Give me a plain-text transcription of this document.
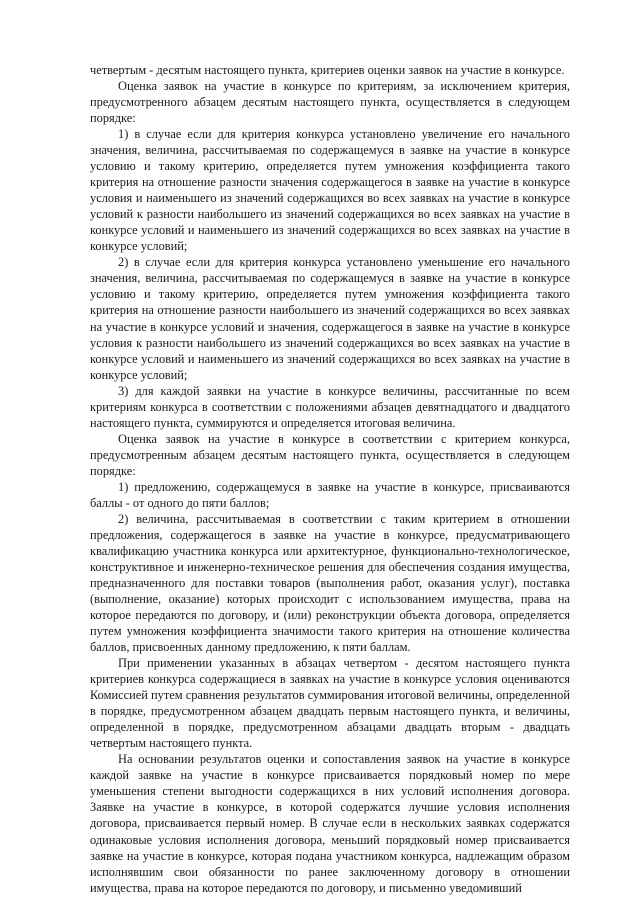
четвертым - десятым настоящего пункта, критериев оценки заявок на участие в конкурсе.

Оценка заявок на участие в конкурсе по критериям, за исключением критерия, предусмотренного абзацем десятым настоящего пункта, осуществляется в следующем порядке:

1) в случае если для критерия конкурса установлено увеличение его начального значения, величина, рассчитываемая по содержащемуся в заявке на участие в конкурсе условию и такому критерию, определяется путем умножения коэффициента такого критерия на отношение разности значения содержащегося в заявке на участие в конкурсе условия и наименьшего из значений содержащихся во всех заявках на участие в конкурсе условий к разности наибольшего из значений содержащихся во всех заявках на участие в конкурсе условий и наименьшего из значений содержащихся во всех заявках на участие в конкурсе условий;

2) в случае если для критерия конкурса установлено уменьшение его начального значения, величина, рассчитываемая по содержащемуся в заявке на участие в конкурсе условию и такому критерию, определяется путем умножения коэффициента такого критерия на отношение разности наибольшего из значений содержащихся во всех заявках на участие в конкурсе условий и значения, содержащегося в заявке на участие в конкурсе условия к разности наибольшего из значений содержащихся во всех заявках на участие в конкурсе условий и наименьшего из значений содержащихся во всех заявках на участие в конкурсе условий;

3) для каждой заявки на участие в конкурсе величины, рассчитанные по всем критериям конкурса в соответствии с положениями абзацев девятнадцатого и двадцатого настоящего пункта, суммируются и определяется итоговая величина.

Оценка заявок на участие в конкурсе в соответствии с критерием конкурса, предусмотренным абзацем десятым настоящего пункта, осуществляется в следующем порядке:

1) предложению, содержащемуся в заявке на участие в конкурсе, присваиваются баллы - от одного до пяти баллов;

2) величина, рассчитываемая в соответствии с таким критерием в отношении предложения, содержащегося в заявке на участие в конкурсе, предусматривающего квалификацию участника конкурса или архитектурное, функционально-технологическое, конструктивное и инженерно-техническое решения для обеспечения создания имущества, предназначенного для поставки товаров (выполнения работ, оказания услуг), поставка (выполнение, оказание) которых происходит с использованием имущества, права на которое передаются по договору, и (или) реконструкции объекта договора, определяется путем умножения коэффициента значимости такого критерия на отношение количества баллов, присвоенных данному предложению, к пяти баллам.

При применении указанных в абзацах четвертом - десятом настоящего пункта критериев конкурса содержащиеся в заявках на участие в конкурсе условия оцениваются Комиссией путем сравнения результатов суммирования итоговой величины, определенной в порядке, предусмотренном абзацем двадцать первым настоящего пункта, и величины, определенной в порядке, предусмотренном абзацами двадцать вторым - двадцать четвертым настоящего пункта.

На основании результатов оценки и сопоставления заявок на участие в конкурсе каждой заявке на участие в конкурсе присваивается порядковый номер по мере уменьшения степени выгодности содержащихся в них условий исполнения договора. Заявке на участие в конкурсе, в которой содержатся лучшие условия исполнения договора, присваивается первый номер. В случае если в нескольких заявках содержатся одинаковые условия исполнения договора, меньший порядковый номер присваивается заявке на участие в конкурсе, которая подана участником конкурса, надлежащим образом исполнявшим свои обязанности по ранее заключенному договору в отношении имущества, права на которое передаются по договору, и письменно уведомивший
